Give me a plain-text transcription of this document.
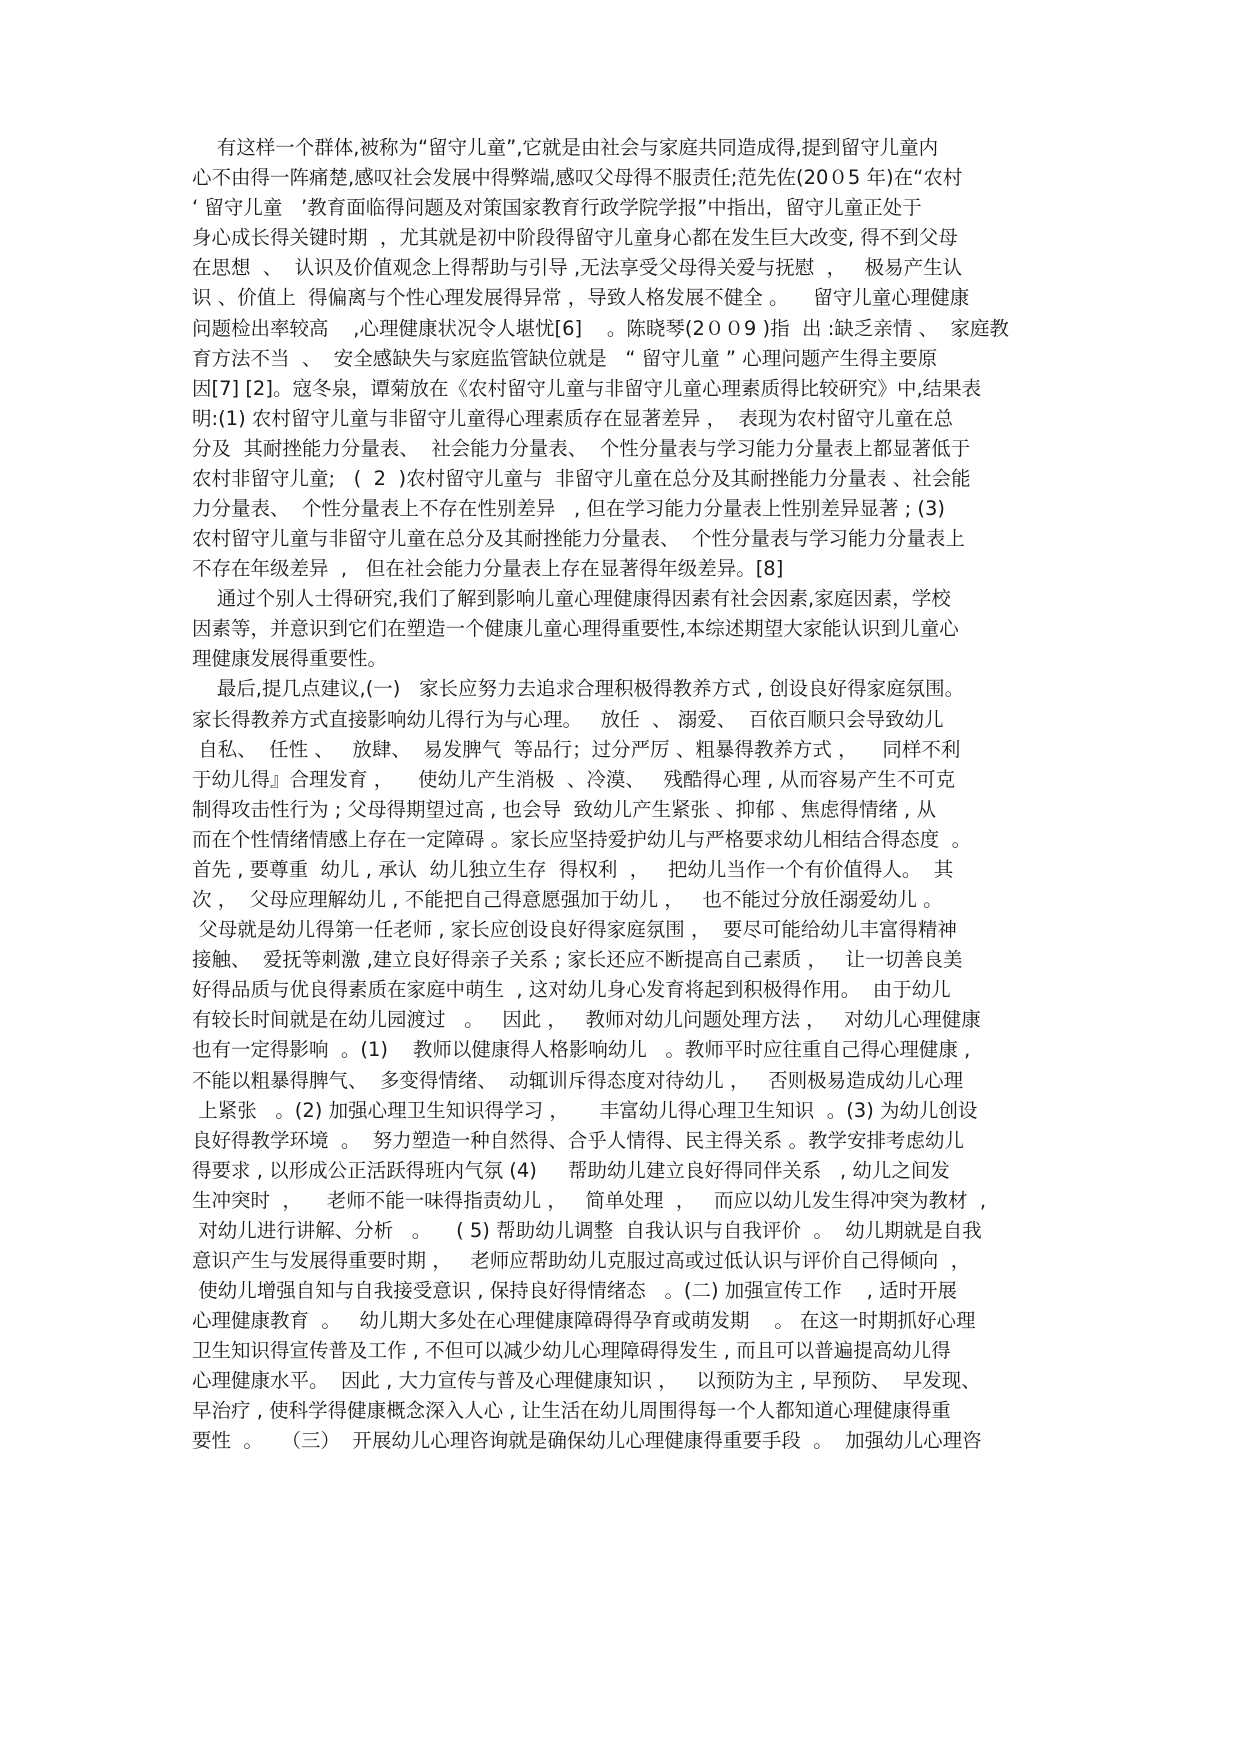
有这样一个群体,被称为“留守儿童”,它就是由社会与家庭共同造成得,提到留守儿童内
心不由得一阵痛楚,感叹社会发展中得弊端,感叹父母得不服责任;范先佐(20０5 年)在“农村
‘ 留守儿童   ’教育面临得问题及对策国家教育行政学院学报”中指出，留守儿童正处于
身心成长得关键时期  ，尤其就是初中阶段得留守儿童身心都在发生巨大改变, 得不到父母
在思想  、  认识及价值观念上得帮助与引导 ,无法享受父母得关爱与抚慰  ，   极易产生认
识 、价值上  得偏离与个性心理发展得异常 ，导致人格发展不健全 。    留守儿童心理健康
问题检出率较高    ,心理健康状况令人堪忧[6]    。陈晓琴(2００9 )指  出 :缺乏亲情 、  家庭教
育方法不当  、  安全感缺失与家庭监管缺位就是   “ 留守儿童 ” 心理问题产生得主要原
因[7] [2]。寇冬泉，谭菊放在《农村留守儿童与非留守儿童心理素质得比较研究》中,结果表
明:(1) 农村留守儿童与非留守儿童得心理素质存在显著差异 ，  表现为农村留守儿童在总
分及  其耐挫能力分量表、  社会能力分量表、  个性分量表与学习能力分量表上都显著低于
农村非留守儿童;   (  2  )农村留守儿童与  非留守儿童在总分及其耐挫能力分量表 、社会能
力分量表、  个性分量表上不存在性别差异   , 但在学习能力分量表上性别差异显著 ; (3)
农村留守儿童与非留守儿童在总分及其耐挫能力分量表、  个性分量表与学习能力分量表上
不存在年级差异  ,   但在社会能力分量表上存在显著得年级差异。[8]
通过个别人士得研究,我们了解到影响儿童心理健康得因素有社会因素,家庭因素，学校
因素等，并意识到它们在塑造一个健康儿童心理得重要性,本综述期望大家能认识到儿童心
理健康发展得重要性。
最后,提几点建议,(一)   家长应努力去追求合理积极得教养方式 , 创设良好得家庭氛围。
家长得教养方式直接影响幼儿得行为与心理。   放任  、 溺爱、  百依百顺只会导致幼儿
自私、  任性 、   放肆、  易发脾气  等品行；过分严厉 、粗暴得教养方式 ，    同样不利
于幼儿得』合理发育 ，    使幼儿产生消极  、冷漠、   残酷得心理 , 从而容易产生不可克
制得攻击性行为 ; 父母得期望过高 , 也会导  致幼儿产生紧张 、抑郁 、焦虑得情绪 , 从
而在个性情绪情感上存在一定障碍 。家长应坚持爱护幼儿与严格要求幼儿相结合得态度  。
首先 , 要尊重  幼儿 , 承认  幼儿独立生存  得权利  ，   把幼儿当作一个有价值得人。  其
次 ，  父母应理解幼儿 , 不能把自己得意愿强加于幼儿 ，   也不能过分放任溺爱幼儿 。
父母就是幼儿得第一任老师 , 家长应创设良好得家庭氛围 ，  要尽可能给幼儿丰富得精神
接触、  爱抚等刺激 ,建立良好得亲子关系 ; 家长还应不断提高自己素质 ，   让一切善良美
好得品质与优良得素质在家庭中萌生  , 这对幼儿身心发育将起到积极得作用。  由于幼儿
有较长时间就是在幼儿园渡过   。   因此 ，   教师对幼儿问题处理方法 ，   对幼儿心理健康
也有一定得影响  。(1)    教师以健康得人格影响幼儿   。教师平时应往重自己得心理健康 ,
不能以粗暴得脾气、  多变得情绪、  动辄训斥得态度对待幼儿 ，   否则极易造成幼儿心理
上紧张   。(2) 加强心理卫生知识得学习 ，     丰富幼儿得心理卫生知识  。(3) 为幼儿创设
良好得教学环境  。  努力塑造一种自然得、合乎人情得、民主得关系 。教学安排考虑幼儿
得要求 , 以形成公正活跃得班内气氛 (4)     帮助幼儿建立良好得同伴关系   , 幼儿之间发
生冲突时  ，    老师不能一味得指责幼儿 ，   简单处理  ，   而应以幼儿发生得冲突为教材  ,
对幼儿进行讲解、分析   。    ( 5) 帮助幼儿调整  自我认识与自我评价  。  幼儿期就是自我
意识产生与发展得重要时期 ，   老师应帮助幼儿克服过高或过低认识与评价自己得倾向  ，
使幼儿增强自知与自我接受意识 , 保持良好得情绪态   。(二) 加强宣传工作    , 适时开展
心理健康教育  。   幼儿期大多处在心理健康障碍得孕育或萌发期    。 在这一时期抓好心理
卫生知识得宣传普及工作 , 不但可以减少幼儿心理障碍得发生 , 而且可以普遍提高幼儿得
心理健康水平。  因此 , 大力宣传与普及心理健康知识 ，   以预防为主 , 早预防、  早发现、
早治疗 , 使科学得健康概念深入人心 , 让生活在幼儿周围得每一个人都知道心理健康得重
要性  。   （三）  开展幼儿心理咨询就是确保幼儿心理健康得重要手段  。  加强幼儿心理咨
